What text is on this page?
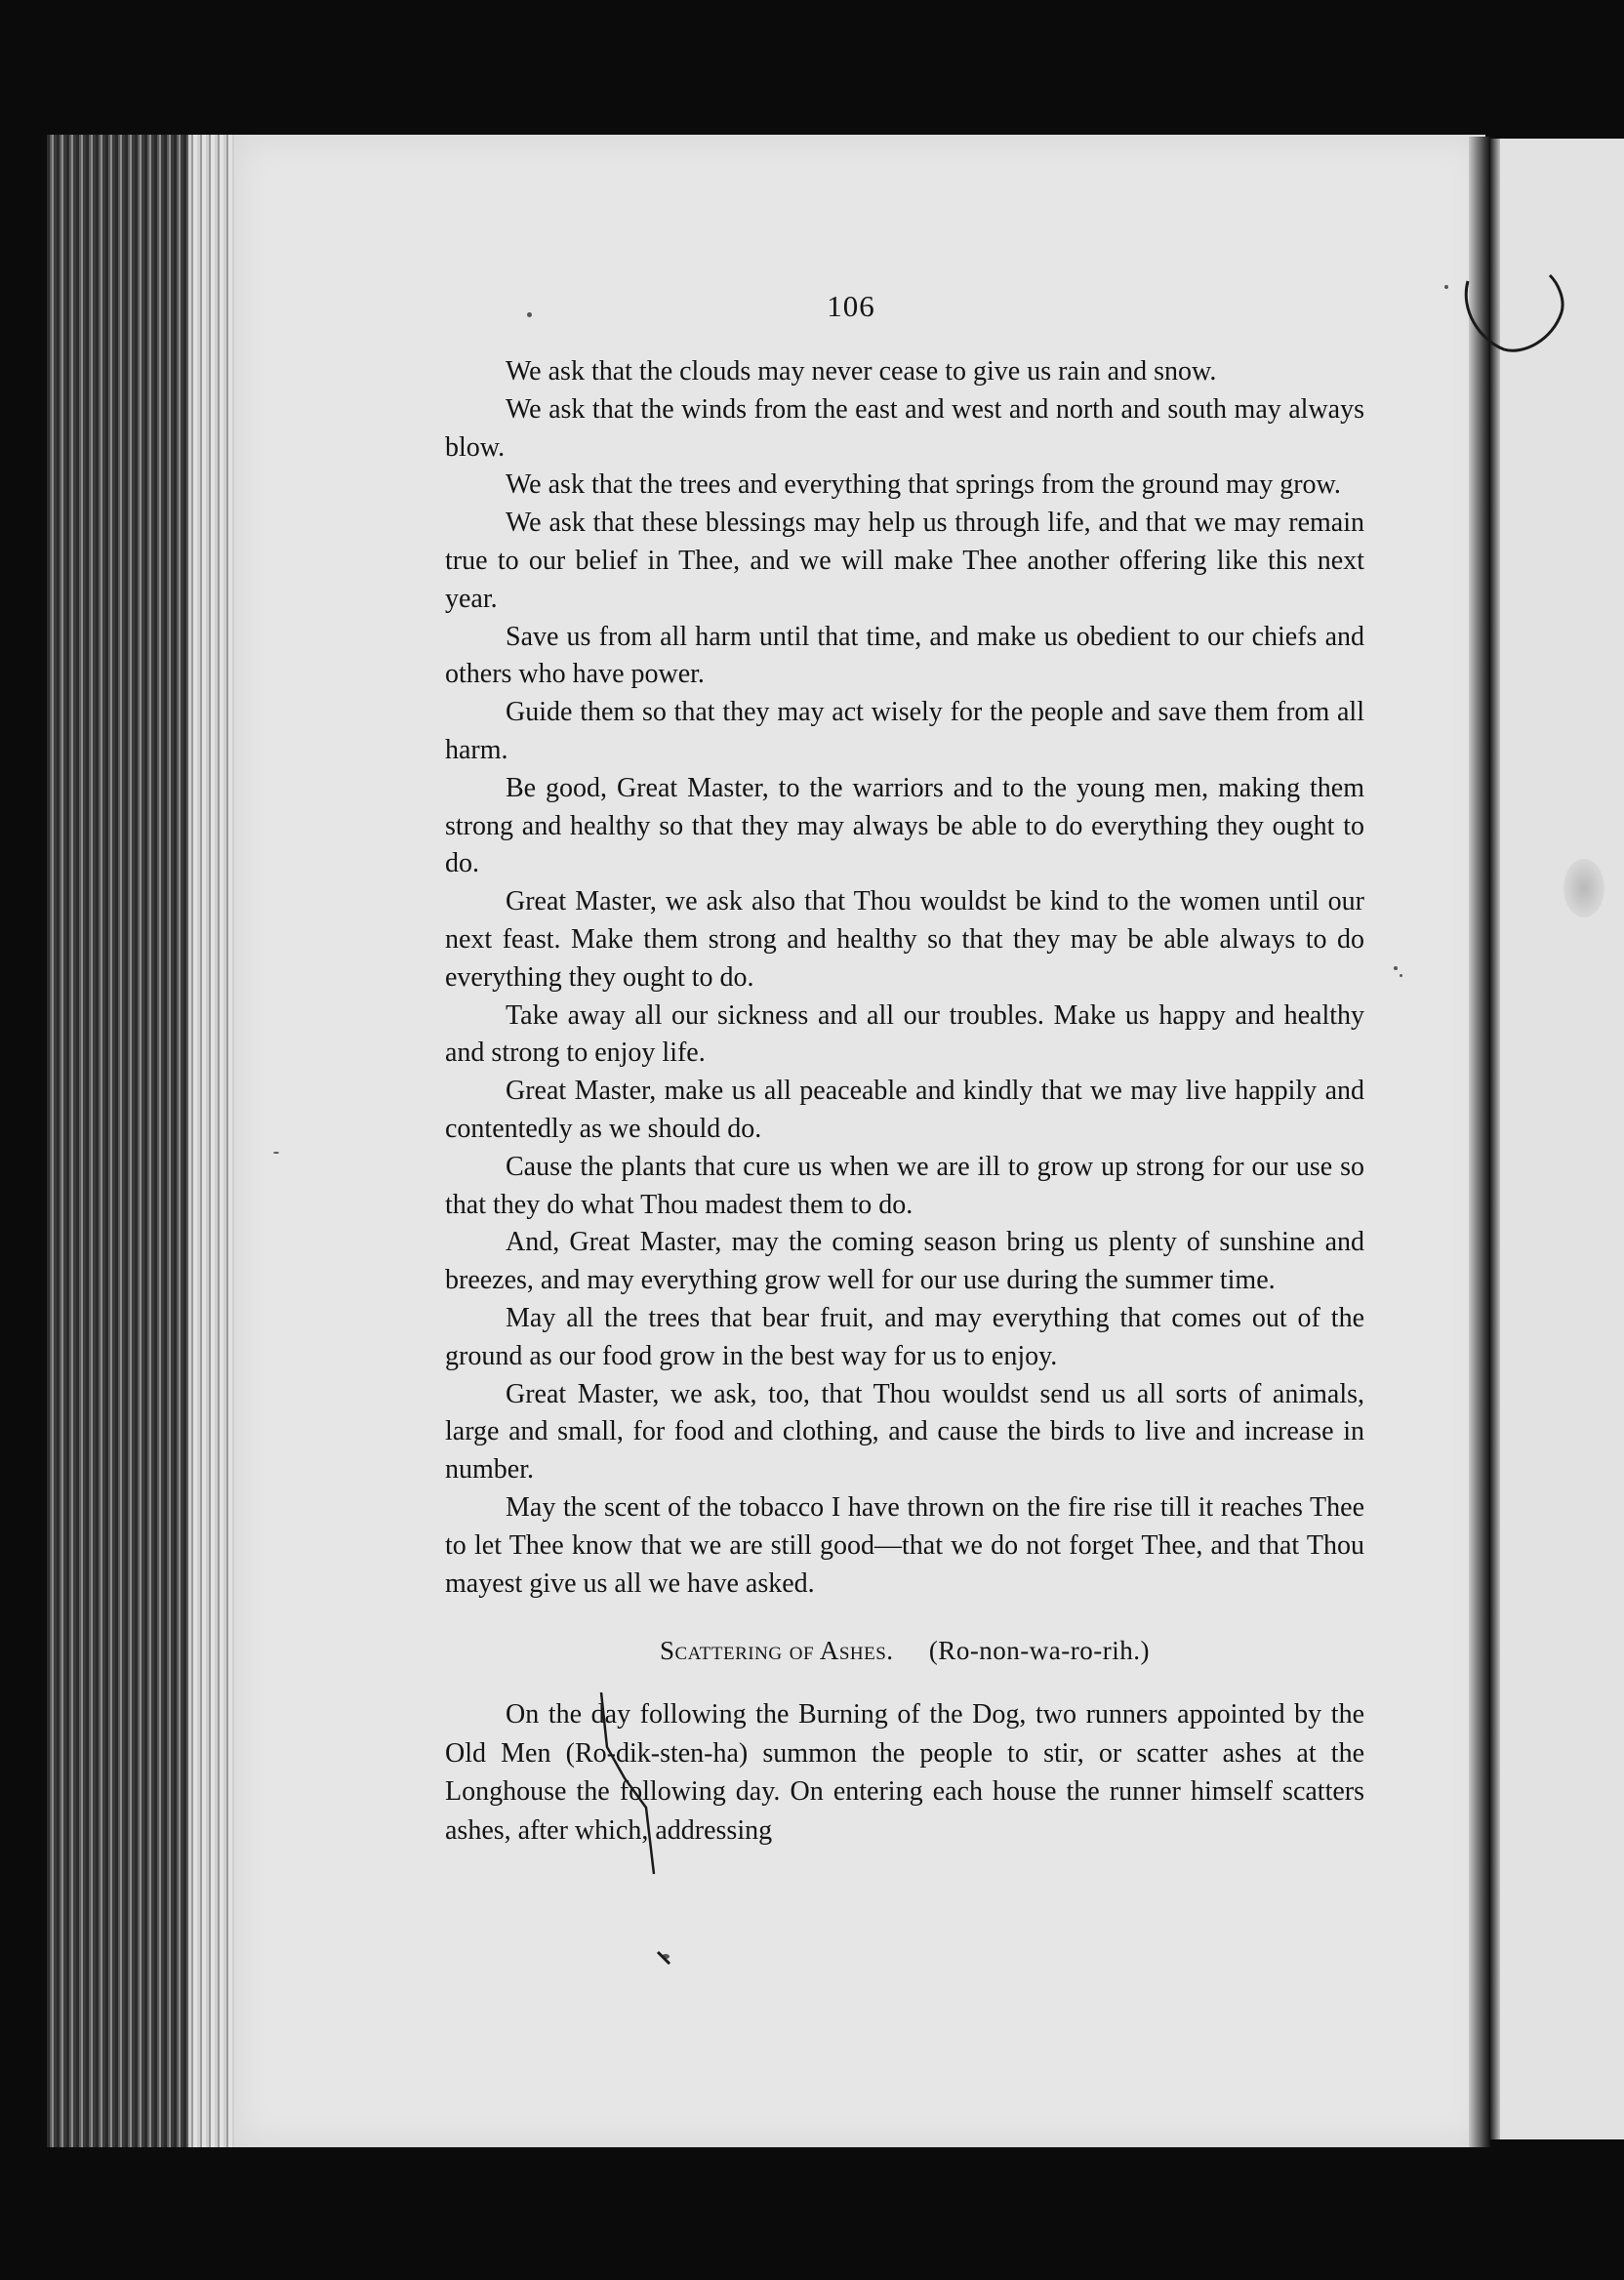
106

We ask that the clouds may never cease to give us rain and snow.

We ask that the winds from the east and west and north and south may always blow.

We ask that the trees and everything that springs from the ground may grow.

We ask that these blessings may help us through life, and that we may remain true to our belief in Thee, and we will make Thee another offering like this next year.

Save us from all harm until that time, and make us obedient to our chiefs and others who have power.

Guide them so that they may act wisely for the people and save them from all harm.

Be good, Great Master, to the warriors and to the young men, making them strong and healthy so that they may always be able to do everything they ought to do.

Great Master, we ask also that Thou wouldst be kind to the women until our next feast. Make them strong and healthy so that they may be able always to do everything they ought to do.

Take away all our sickness and all our troubles. Make us happy and healthy and strong to enjoy life.

Great Master, make us all peaceable and kindly that we may live happily and contentedly as we should do.

Cause the plants that cure us when we are ill to grow up strong for our use so that they do what Thou madest them to do.

And, Great Master, may the coming season bring us plenty of sunshine and breezes, and may everything grow well for our use during the summer time.

May all the trees that bear fruit, and may everything that comes out of the ground as our food grow in the best way for us to enjoy.

Great Master, we ask, too, that Thou wouldst send us all sorts of animals, large and small, for food and clothing, and cause the birds to live and increase in number.

May the scent of the tobacco I have thrown on the fire rise till it reaches Thee to let Thee know that we are still good—that we do not forget Thee, and that Thou mayest give us all we have asked.

Scattering of Ashes. (Ro-non-wa-ro-rih.)

On the day following the Burning of the Dog, two runners appointed by the Old Men (Ro-dik-sten-ha) summon the people to stir, or scatter ashes at the Longhouse the following day. On entering each house the runner himself scatters ashes, after which, addressing
